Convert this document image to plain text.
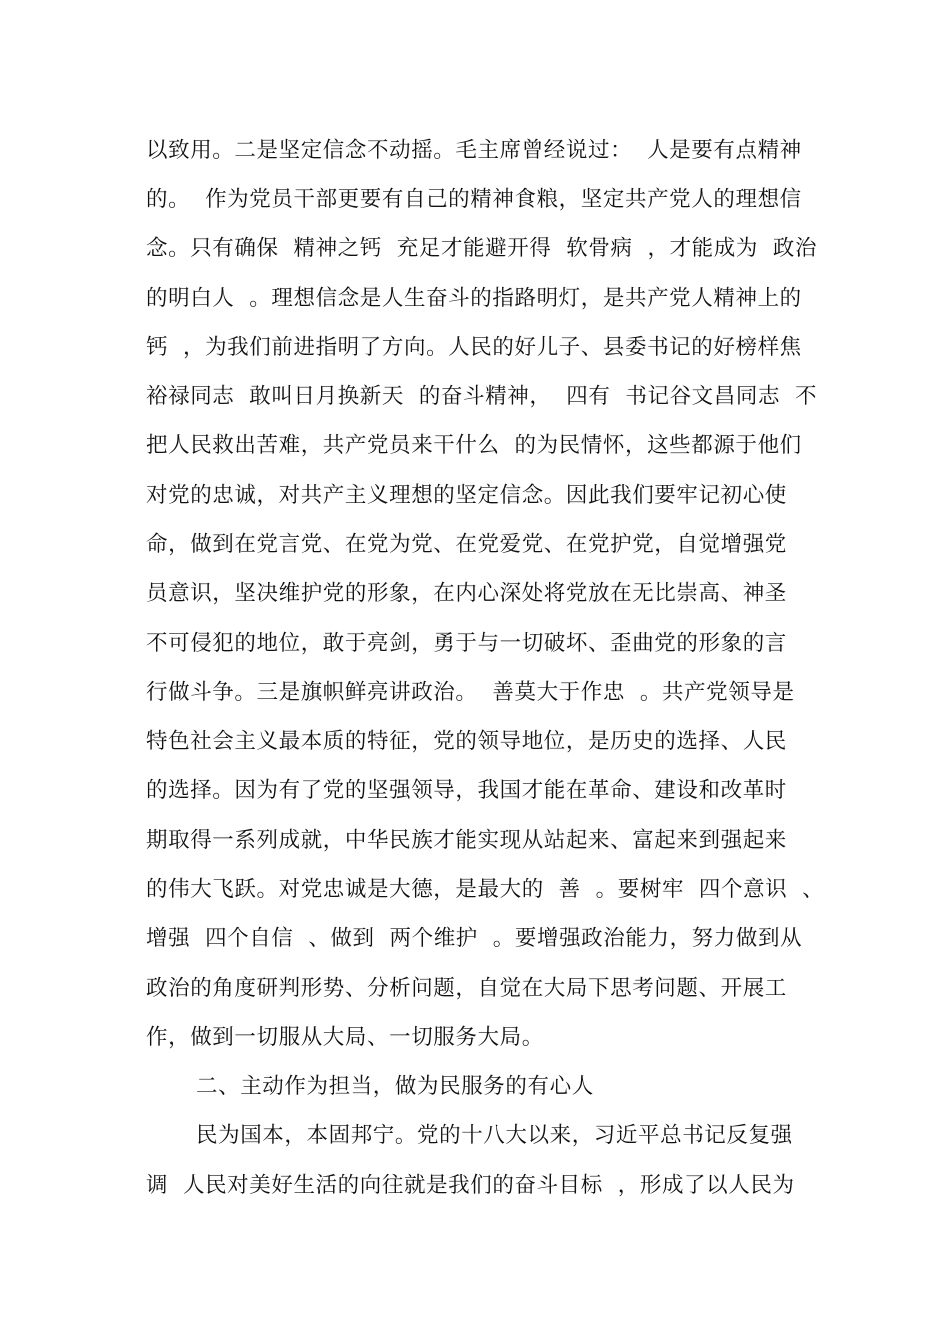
以致用。二是坚定信念不动摇。毛主席曾经说过：  人是要有点精神
的。  作为党员干部更要有自己的精神食粮，坚定共产党人的理想信
念。只有确保  精神之钙  充足才能避开得  软骨病  ，才能成为  政治
的明白人  。理想信念是人生奋斗的指路明灯，是共产党人精神上的
钙  ，为我们前进指明了方向。人民的好儿子、县委书记的好榜样焦
裕禄同志  敢叫日月换新天  的奋斗精神，  四有  书记谷文昌同志  不
把人民救出苦难，共产党员来干什么  的为民情怀，这些都源于他们
对党的忠诚，对共产主义理想的坚定信念。因此我们要牢记初心使
命，做到在党言党、在党为党、在党爱党、在党护党，自觉增强党
员意识，坚决维护党的形象，在内心深处将党放在无比崇高、神圣
不可侵犯的地位，敢于亮剑，勇于与一切破坏、歪曲党的形象的言
行做斗争。三是旗帜鲜亮讲政治。  善莫大于作忠  。共产党领导是
特色社会主义最本质的特征，党的领导地位，是历史的选择、人民
的选择。因为有了党的坚强领导，我国才能在革命、建设和改革时
期取得一系列成就，中华民族才能实现从站起来、富起来到强起来
的伟大飞跃。对党忠诚是大德，是最大的  善  。要树牢  四个意识  、
增强  四个自信  、做到  两个维护  。要增强政治能力，努力做到从
政治的角度研判形势、分析问题，自觉在大局下思考问题、开展工
作，做到一切服从大局、一切服务大局。
二、主动作为担当，做为民服务的有心人
民为国本，本固邦宁。党的十八大以来，习近平总书记反复强
调  人民对美好生活的向往就是我们的奋斗目标  ，形成了以人民为
